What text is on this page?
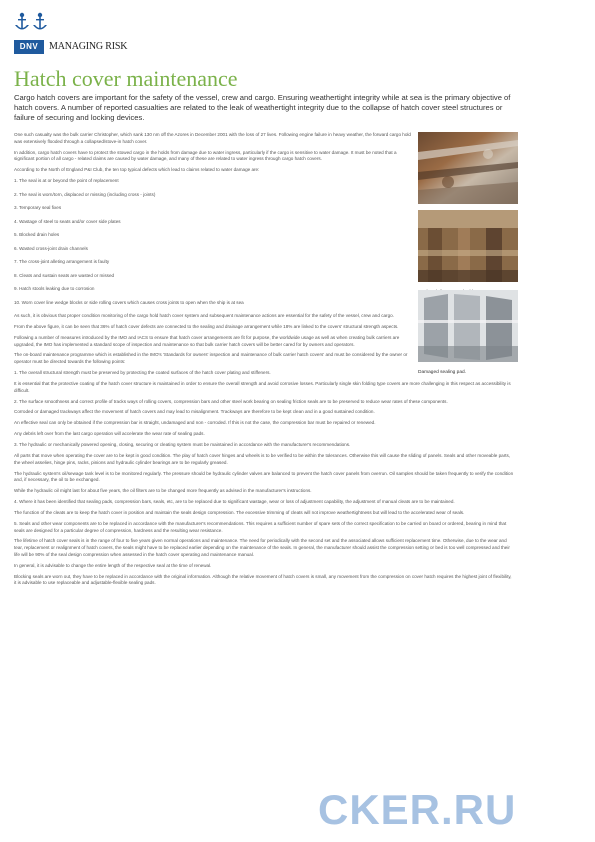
DNV	MANAGING RISK
Hatch cover maintenance

Cargo hatch covers are important for the safety of the vessel, crew and cargo. Ensuring weathertight integrity while at sea is the primary objective of hatch covers. A number of reported casualties are related to the leak of weathertight integrity due to the collapse of hatch cover steel structures or failure of securing and locking devices.

One such casualty was the bulk carrier Christopher, which sank 130 nm off the Azores in December 2001 with the loss of 27 lives. Following engine failure in heavy weather, the forward cargo hold was extensively flooded through a collapsed/stove-in hatch cover.

In addition, cargo hatch covers have to protect the stowed cargo in the holds from damage due to water ingress, particularly if the cargo is sensitive to water damage. It must be noted that a significant portion of all cargo - related claims are caused by water damage, and many of these are related to water ingress through cargo hatch covers.

According to the North of England P&I Club, the ten top typical defects which lead to claims related to water damage are:

1. The seal is at or beyond the point of replacement

2. The seal is worn/torn, displaced or missing (including cross - joints)

3. Temporary seal fixes

4. Wastage of steel to seats and/or cover side plates

5. Blocked drain holes

6. Wasted cross-joint drain channels

7. The cross-joint alleting arrangement is faulty

8. Cleats and sustain seats are wasted or missed

9. Hatch stools leaking due to corrosion

10. Worn cover line wedge blocks or side rolling covers which causes cross joints to open when the ship is at sea

As such, it is obvious that proper condition monitoring of the cargo hold hatch cover system and subsequent maintenance actions are essential for the safety of the vessel, crew and cargo.

From the above figure, it can be seen that 36% of hatch cover defects are connected to the sealing and drainage arrangement while 18% are linked to the covers' structural strength aspects.

Following a number of measures introduced by the IMO and IACS to ensure that hatch cover arrangements are fit for purpose, the worldwide usage as well as when creating bulk carriers are upgraded, the IMO has implemented a standard scope of inspection and maintenance so that bulk carrier hatch covers will be better cared for by owners and operators.

The on-board maintenance programme which is established in the IMO's 'Standards for owners' inspection and maintenance of bulk carrier hatch covers' and must be considered by the owner or operator must be directed towards the following points:

1. The overall structural strength must be preserved by protecting the coated surfaces of the hatch cover plating and stiffeners.

It is essential that the protective coating of the hatch cover structure is maintained in order to ensure the overall strength and avoid corrosive losses. Particularly single skin folding type covers are more challenging in this respect as accessibility is difficult.

2. The surface smoothness and correct profile of tracks ways of rolling covers, compression bars and other steel work bearing on sealing friction seals are to be preserved to reduce wear rates of these components.

Corroded or damaged trackways affect the movement of hatch covers and may lead to misalignment. Trackways are therefore to be kept clean and in a good sustained condition.

An effective seal can only be obtained if the compression bar is straight, undamaged and non - corroded. If this is not the case, the compression bar must be repaired or renewed.

Any debris left over from the last cargo operation will accelerate the wear rate of sealing pads.

3. The hydraulic or mechanically powered opening, closing, securing or cleating system must be maintained in accordance with the manufacturer's recommendations.

All parts that move when operating the cover are to be kept in good condition. The play of hatch cover hinges and wheels is to be verified to be within the tolerances. Otherwise this will cause the sliding of panels. Seals and other moveable parts, the wheel asselies, hinge pins, racks, pinions and hydraulic cylinder bearings are to be regularly greased.

The hydraulic system's oil/sewage tank level is to be monitored regularly. The pressure should be hydraulic cylinder valves are balanced to prevent the hatch cover panels from overrun. Oil samples should be taken frequently to verify the condition and, if necessary, the oil to be exchanged.

While the hydraulic oil might last for about five years, the oil filters are to be changed more frequently as advised in the manufacturer's instructions.

4. Where it has been identified that sealing pads, compression bars, seals, etc, are to be replaced due to significant wastage, wear or loss of adjustment capability, the adjustment of manual cleats are to be maintained.

The function of the cleats are to keep the hatch cover in position and maintain the seals design compression. The excessive trimming of cleats will not improve weathertightness but will lead to the accelerated wear of seals.

5. Seals and other wear components are to be replaced in accordance with the manufacturer's recommendations. This requires a sufficient number of spare sets of the correct specification to be carried on board or ordered, bearing in mind that seals are designed for a particular degree of compression, hardness and the resulting wear resistance.

The lifetime of hatch cover seals is in the range of four to five years given normal operations and maintenance. The need for periodically with the second set and the associated allows sufficient replacement time. Otherwise, due to the wear and tear, replacement or realignment of hatch covers, the seals might have to be replaced earlier depending on the maintenance of the seals. In general, the manufacturer should assist the compression setting or bed is too well compressed and their life will be 90% of the seal design compression when assessed in the hatch cover operating and maintenance manual.

In general, it is advisable to change the entire length of the respective seal at the time of renewal.

Blocking seals are worn out, they have to be replaced in accordance with the original information. Although the relative movement of hatch covers is small, any movement from the compression on cover hatch requires the highest joint of flexibility, it is advisable to use replaceable and adjustable-flexible sealing pads.

Damaged sealing pad.
CKER.RU
